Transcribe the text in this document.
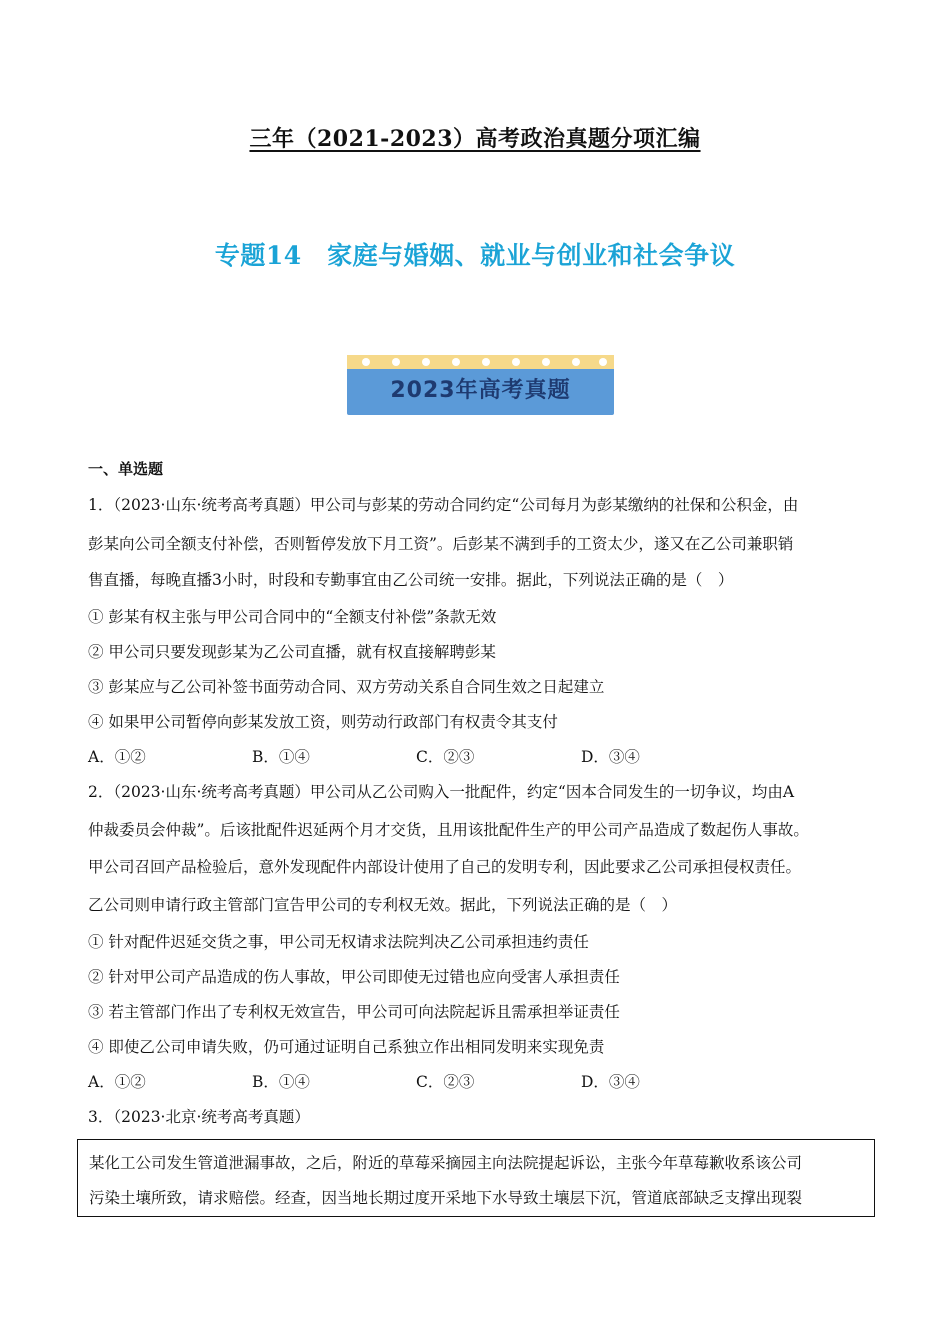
三年（2021-2023）高考政治真题分项汇编
专题14　家庭与婚姻、就业与创业和社会争议
2023年高考真题
一、单选题
1．（2023·山东·统考高考真题）甲公司与彭某的劳动合同约定“公司每月为彭某缴纳的社保和公积金，由
彭某向公司全额支付补偿，否则暂停发放下月工资”。后彭某不满到手的工资太少，遂又在乙公司兼职销
售直播，每晚直播3小时，时段和专勤事宜由乙公司统一安排。据此，下列说法正确的是（　）
① 彭某有权主张与甲公司合同中的“全额支付补偿”条款无效
② 甲公司只要发现彭某为乙公司直播，就有权直接解聘彭某
③ 彭某应与乙公司补签书面劳动合同、双方劳动关系自合同生效之日起建立
④ 如果甲公司暂停向彭某发放工资，则劳动行政部门有权责令其支付
A．①②	B．①④	C．②③	D．③④
2．（2023·山东·统考高考真题）甲公司从乙公司购入一批配件，约定“因本合同发生的一切争议，均由A
仲裁委员会仲裁”。后该批配件迟延两个月才交货，且用该批配件生产的甲公司产品造成了数起伤人事故。
甲公司召回产品检验后，意外发现配件内部设计使用了自己的发明专利，因此要求乙公司承担侵权责任。
乙公司则申请行政主管部门宣告甲公司的专利权无效。据此，下列说法正确的是（　）
① 针对配件迟延交货之事，甲公司无权请求法院判决乙公司承担违约责任
② 针对甲公司产品造成的伤人事故，甲公司即使无过错也应向受害人承担责任
③ 若主管部门作出了专利权无效宣告，甲公司可向法院起诉且需承担举证责任
④ 即使乙公司申请失败，仍可通过证明自己系独立作出相同发明来实现免责
A．①②	B．①④	C．②③	D．③④
3．（2023·北京·统考高考真题）
某化工公司发生管道泄漏事故，之后，附近的草莓采摘园主向法院提起诉讼，主张今年草莓歉收系该公司
污染土壤所致，请求赔偿。经查，因当地长期过度开采地下水导致土壤层下沉，管道底部缺乏支撑出现裂
